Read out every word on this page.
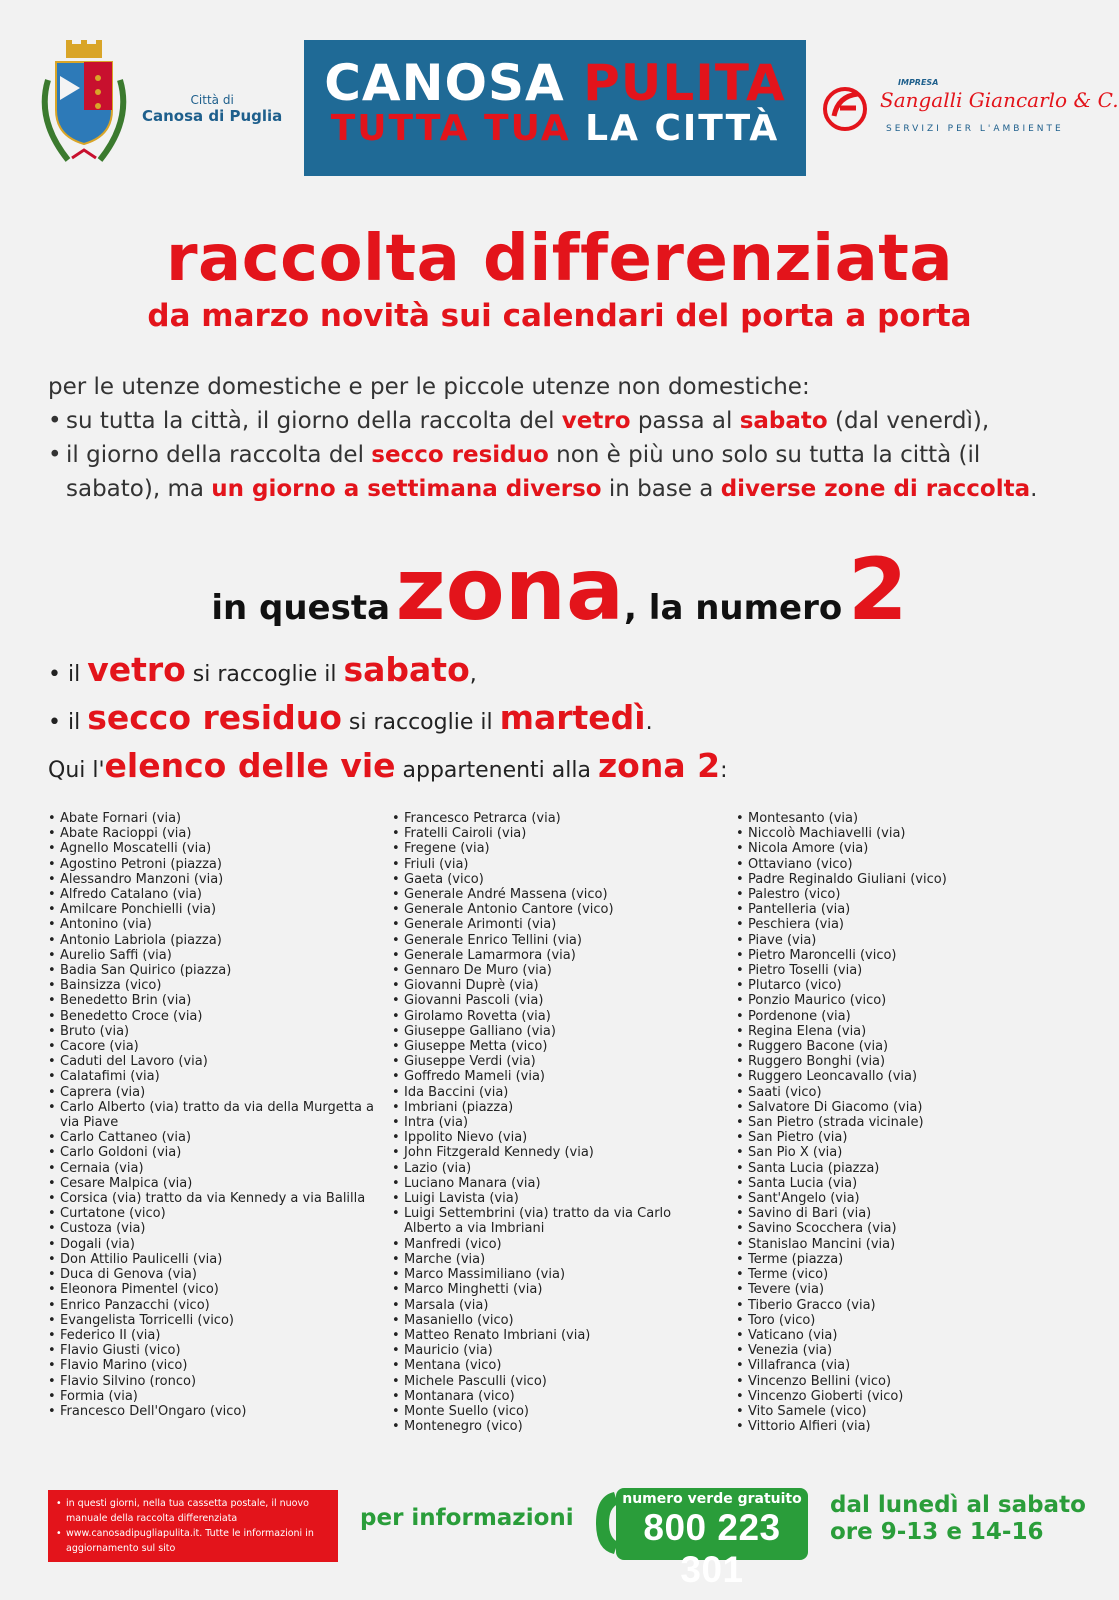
Città di
Canosa di Puglia
CANOSA PULITA
TUTTA TUA LA CITTÀ
IMPRESA
Sangalli Giancarlo & C.
SERVIZI PER L'AMBIENTE
raccolta differenziata
da marzo novità sui calendari del porta a porta
per le utenze domestiche e per le piccole utenze non domestiche:
• su tutta la città, il giorno della raccolta del vetro passa al sabato (dal venerdì),
• il giorno della raccolta del secco residuo non è più uno solo su tutta la città (il sabato), ma un giorno a settimana diverso in base a diverse zone di raccolta.
in questa zona, la numero 2
• il vetro si raccoglie il sabato,
• il secco residuo si raccoglie il martedì.
Qui l'elenco delle vie appartenenti alla zona 2:
• Abate Fornari (via)
• Abate Racioppi (via)
• Agnello Moscatelli (via)
• Agostino Petroni (piazza)
• Alessandro Manzoni (via)
• Alfredo Catalano (via)
• Amilcare Ponchielli (via)
• Antonino (via)
• Antonio Labriola (piazza)
• Aurelio Saffi (via)
• Badia San Quirico (piazza)
• Bainsizza (vico)
• Benedetto Brin (via)
• Benedetto Croce (via)
• Bruto (via)
• Cacore (via)
• Caduti del Lavoro (via)
• Calatafimi (via)
• Caprera (via)
• Carlo Alberto (via) tratto da via della Murgetta a via Piave
• Carlo Cattaneo (via)
• Carlo Goldoni (via)
• Cernaia (via)
• Cesare Malpica (via)
• Corsica (via) tratto da via Kennedy a via Balilla
• Curtatone (vico)
• Custoza (via)
• Dogali (via)
• Don Attilio Paulicelli (via)
• Duca di Genova (via)
• Eleonora Pimentel (vico)
• Enrico Panzacchi (vico)
• Evangelista Torricelli (vico)
• Federico II (via)
• Flavio Giusti (vico)
• Flavio Marino (vico)
• Flavio Silvino (ronco)
• Formia (via)
• Francesco Dell'Ongaro (vico)
• Francesco Petrarca (via)
• Fratelli Cairoli (via)
• Fregene (via)
• Friuli (via)
• Gaeta (vico)
• Generale André Massena (vico)
• Generale Antonio Cantore (vico)
• Generale Arimonti (via)
• Generale Enrico Tellini (via)
• Generale Lamarmora (via)
• Gennaro De Muro (via)
• Giovanni Duprè (via)
• Giovanni Pascoli (via)
• Girolamo Rovetta (via)
• Giuseppe Galliano (via)
• Giuseppe Metta (vico)
• Giuseppe Verdi (via)
• Goffredo Mameli (via)
• Ida Baccini (via)
• Imbriani (piazza)
• Intra (via)
• Ippolito Nievo (via)
• John Fitzgerald Kennedy (via)
• Lazio (via)
• Luciano Manara (via)
• Luigi Lavista (via)
• Luigi Settembrini (via) tratto da via Carlo Alberto a via Imbriani
• Manfredi (vico)
• Marche (via)
• Marco Massimiliano (via)
• Marco Minghetti (via)
• Marsala (via)
• Masaniello (vico)
• Matteo Renato Imbriani (via)
• Mauricio (via)
• Mentana (vico)
• Michele Pasculli (vico)
• Montanara (vico)
• Monte Suello (vico)
• Montenegro (vico)
• Montesanto (via)
• Niccolò Machiavelli (via)
• Nicola Amore (via)
• Ottaviano (vico)
• Padre Reginaldo Giuliani (vico)
• Palestro (vico)
• Pantelleria (via)
• Peschiera (via)
• Piave (via)
• Pietro Maroncelli (vico)
• Pietro Toselli (via)
• Plutarco (vico)
• Ponzio Maurico (vico)
• Pordenone (via)
• Regina Elena (via)
• Ruggero Bacone (via)
• Ruggero Bonghi (via)
• Ruggero Leoncavallo (via)
• Saati (vico)
• Salvatore Di Giacomo (via)
• San Pietro (strada vicinale)
• San Pietro (via)
• San Pio X (via)
• Santa Lucia (piazza)
• Santa Lucia (via)
• Sant'Angelo (via)
• Savino di Bari (via)
• Savino Scocchera (via)
• Stanislao Mancini (via)
• Terme (piazza)
• Terme (vico)
• Tevere (via)
• Tiberio Gracco (via)
• Toro (vico)
• Vaticano (via)
• Venezia (via)
• Villafranca (via)
• Vincenzo Bellini (vico)
• Vincenzo Gioberti (vico)
• Vito Samele (vico)
• Vittorio Alfieri (via)
• in questi giorni, nella tua cassetta postale, il nuovo manuale della raccolta differenziata
• www.canosadipugliapulita.it. Tutte le informazioni in aggiornamento sul sito
per informazioni
numero verde gratuito
800 223 301
dal lunedì al sabato
ore 9-13 e 14-16
